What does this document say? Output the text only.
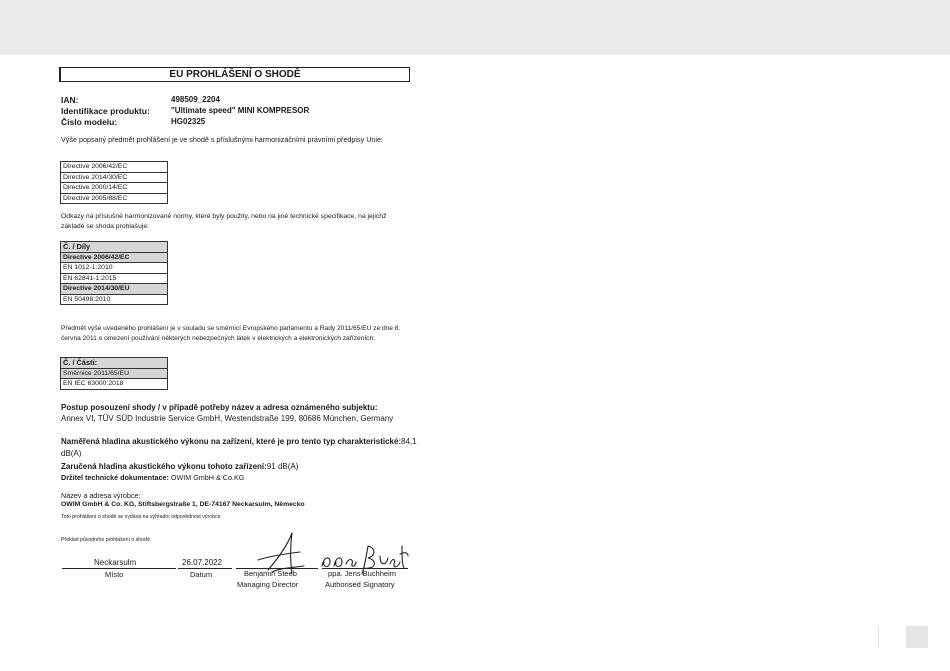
EU PROHLÁŠENÍ O SHODĚ
IAN:	498509_2204
Identifikace produktu:	"Ultimate speed" MINI KOMPRESOR
Číslo modelu:	HG02325
Výše popsaný předmět prohlášení je ve shodě s příslušnými harmonizačními právními předpisy Unie:
Directive 2006/42/EC
Directive 2014/30/EC
Directive 2000/14/EC
Directive 2005/88/EC
Odkazy na příslušné harmonizované normy, které byly použity, nebo na jiné technické specifikace, na jejichž základě se shoda prohlašuje:
Č. / Díly
Directive 2006/42/EC
EN 1012-1:2010
EN 62841-1:2015
Directive 2014/30/EU
EN 50498:2010
Předmět výše uvedeného prohlášení je v souladu se směrnicí Evropského parlamentu a Rady 2011/65/EU ze dne 8. června 2011 o omezení používání některých nebezpečných látek v elektrických a elektronických zařízeních:
Č. / Části:
Směrnice 2011/65/EU
EN IEC 63000:2018
Postup posouzení shody / v případě potřeby název a adresa oznámeného subjektu:
Annex VI, TÜV SÜD Industrie Service GmbH, Westendstraße 199, 80686 München, Germany
Naměřená hladina akustického výkonu na zařízení, které je pro tento typ charakteristické:84,1
dB(A)
Zaručená hladina akustického výkonu tohoto zařízení:91 dB(A)
Držitel technické dokumentace: OWIM GmbH & Co.KG
Název a adresa výrobce:
OWIM GmbH & Co. KG, Stiftsbergstraße 1, DE-74167 Neckarsulm, Německo
Toto prohlášení o shodě se vydává na výhradní odpovědnost výrobce.
Překlad původního prohlášení o shodě
Neckarsulm	26.07.2022
Místo	Datum	Benjamin Steeb
Managing Director
ppa. Jens Buchheim
Authorised Signatory
